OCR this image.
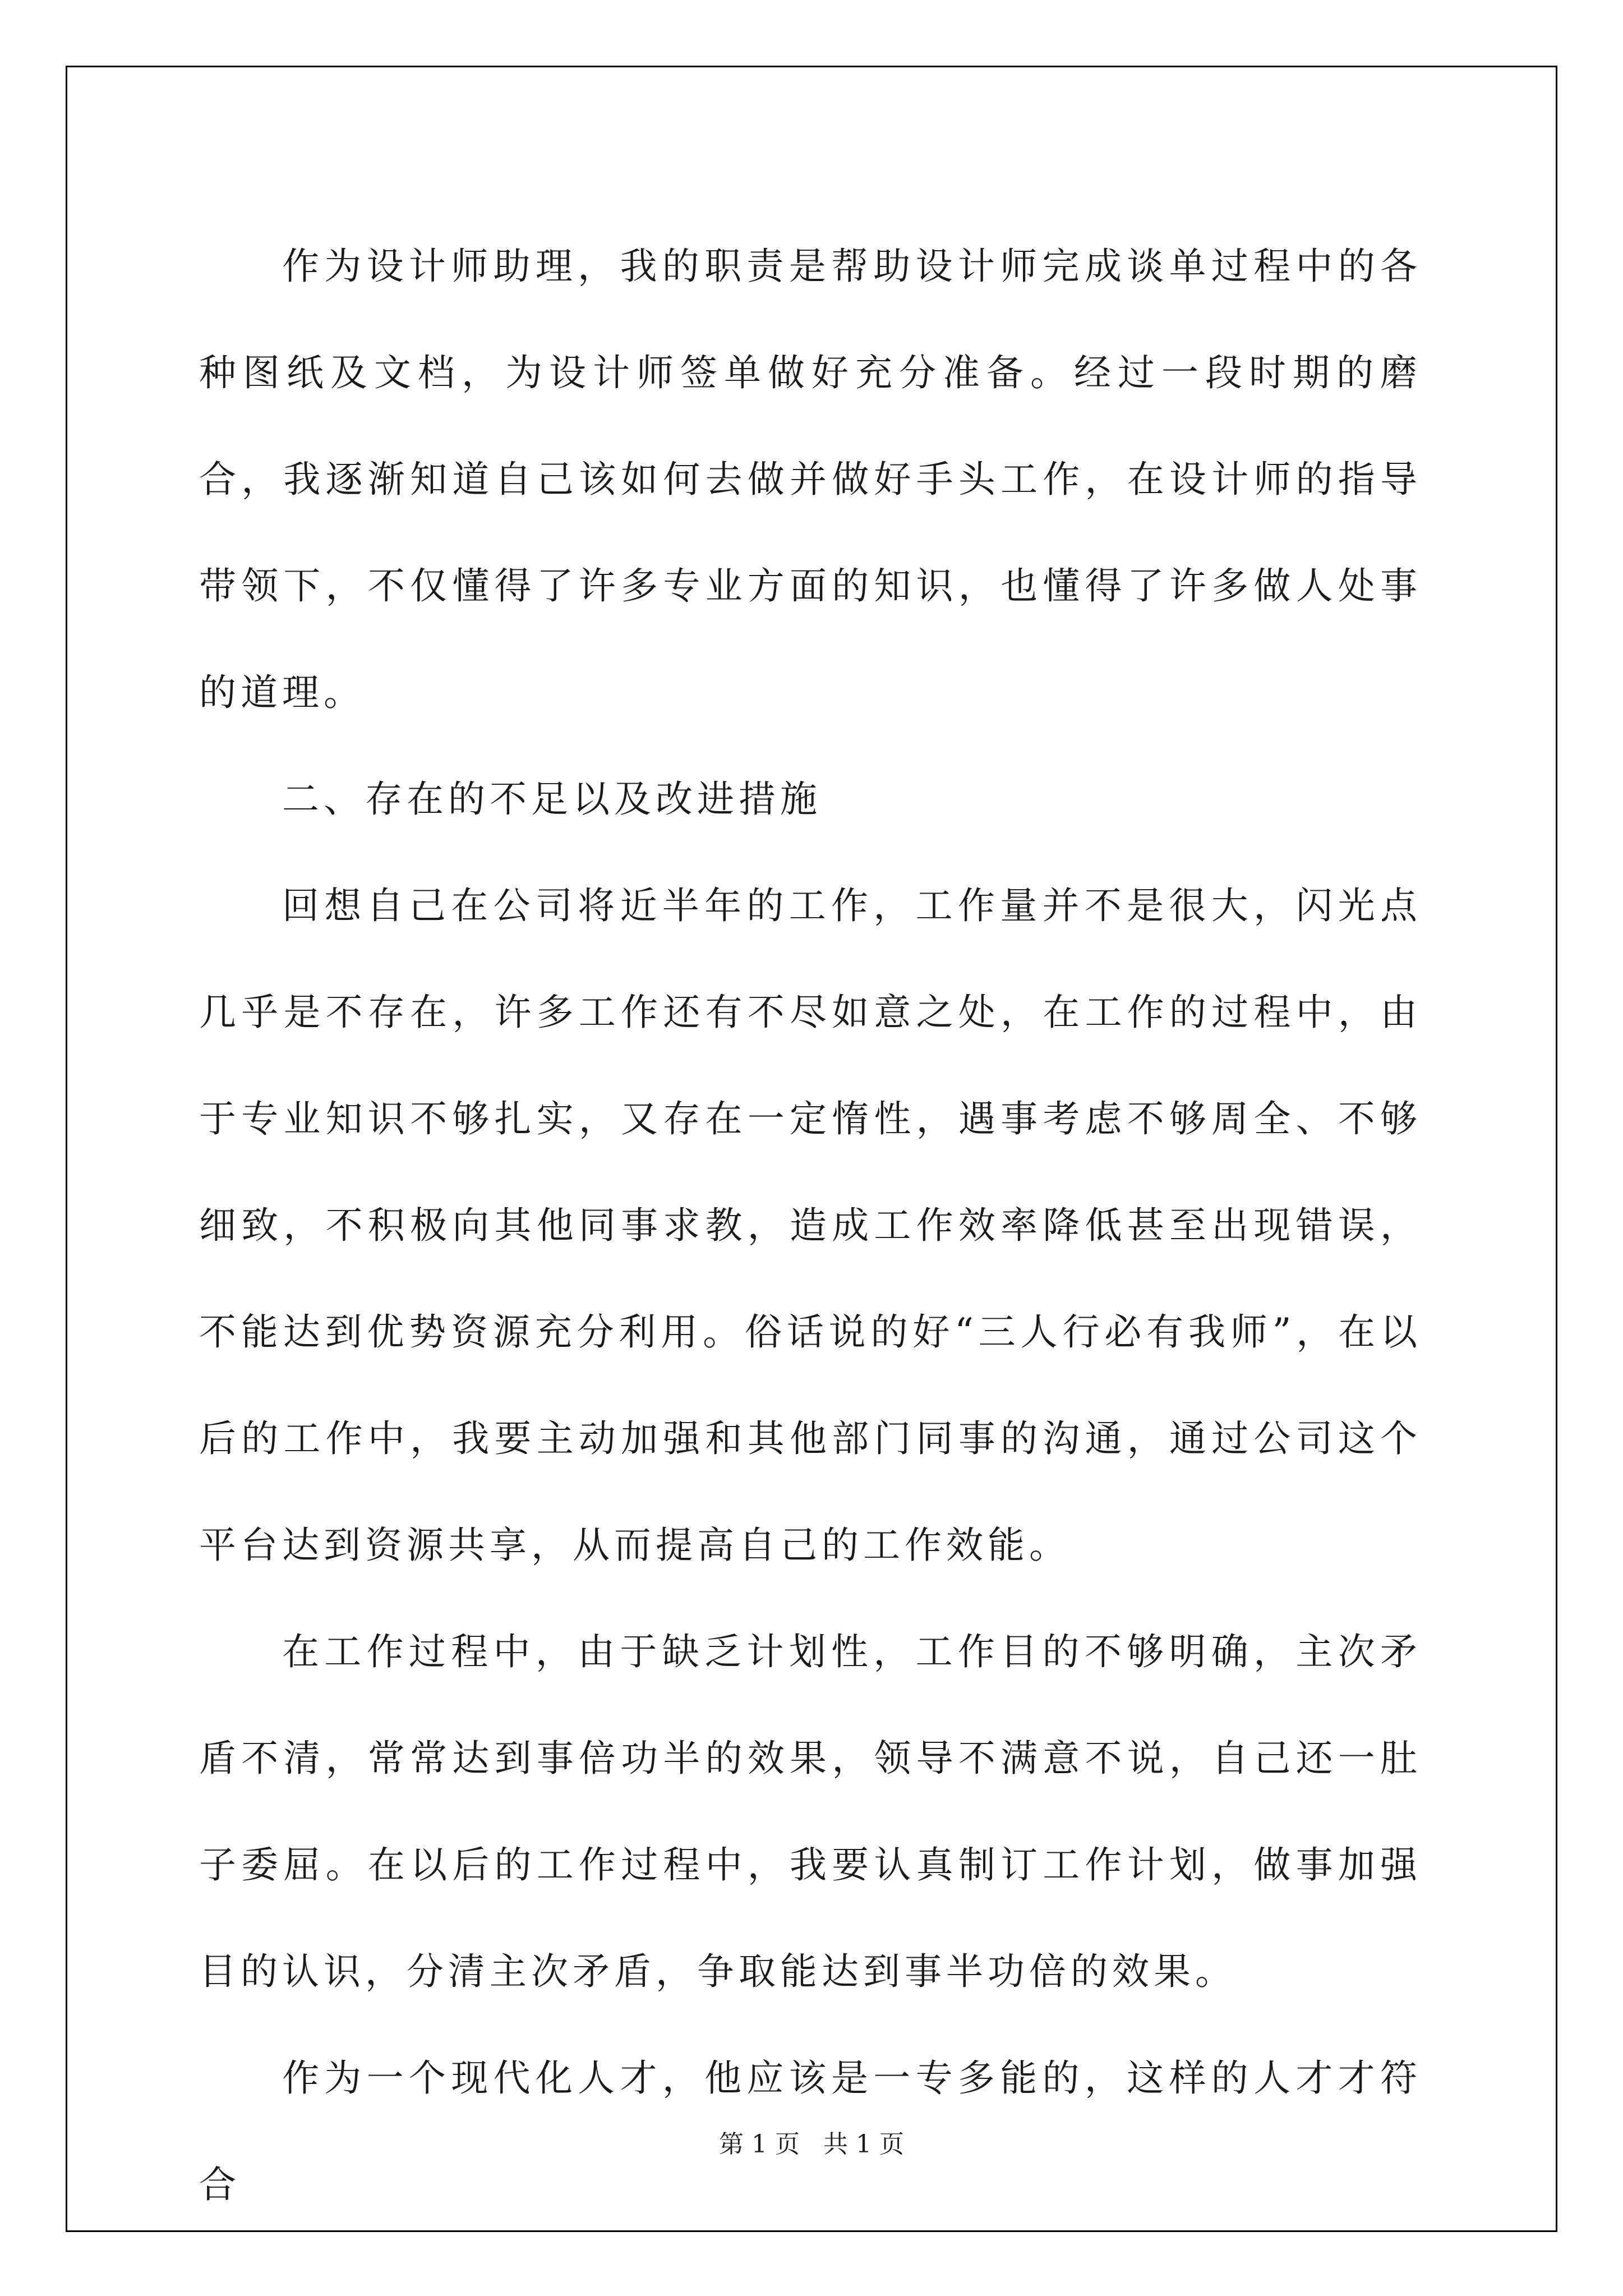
作为设计师助理，我的职责是帮助设计师完成谈单过程中的各种图纸及文档，为设计师签单做好充分准备。经过一段时期的磨合，我逐渐知道自己该如何去做并做好手头工作，在设计师的指导带领下，不仅懂得了许多专业方面的知识，也懂得了许多做人处事的道理。

二、存在的不足以及改进措施

回想自己在公司将近半年的工作，工作量并不是很大，闪光点几乎是不存在，许多工作还有不尽如意之处，在工作的过程中，由于专业知识不够扎实，又存在一定惰性，遇事考虑不够周全、不够细致，不积极向其他同事求教，造成工作效率降低甚至出现错误，不能达到优势资源充分利用。俗话说的好“三人行必有我师”，在以后的工作中，我要主动加强和其他部门同事的沟通，通过公司这个平台达到资源共享，从而提高自己的工作效能。

在工作过程中，由于缺乏计划性，工作目的不够明确，主次矛盾不清，常常达到事倍功半的效果，领导不满意不说，自己还一肚子委屈。在以后的工作过程中，我要认真制订工作计划，做事加强目的认识，分清主次矛盾，争取能达到事半功倍的效果。

作为一个现代化人才，他应该是一专多能的，这样的人才才符合

第 1 页   共 1 页
